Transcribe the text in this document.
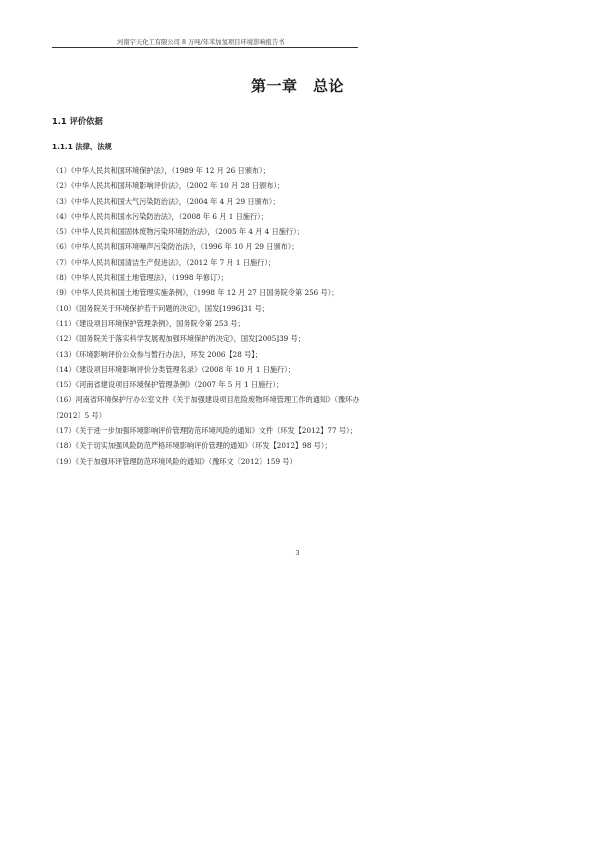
河南宇天化工有限公司 8 万吨/年苯加氢项目环境影响报告书
第一章　总论
1.1 评价依据
1.1.1 法律、法规
（1）《中华人民共和国环境保护法》，（1989 年 12 月 26 日颁布）；
（2）《中华人民共和国环境影响评价法》，（2002 年 10 月 28 日颁布）；
（3）《中华人民共和国大气污染防治法》，（2004 年 4 月 29 日颁布）；
（4）《中华人民共和国水污染防治法》，（2008 年 6 月 1 日施行）；
（5）《中华人民共和国固体废物污染环境防治法》，（2005 年 4 月 4 日施行）；
（6）《中华人民共和国环境噪声污染防治法》，（1996 年 10 月 29 日颁布）；
（7）《中华人民共和国清洁生产促进法》，（2012 年 7 月 1 日施行）；
（8）《中华人民共和国土地管理法》，（1998 年修订）；
（9）《中华人民共和国土地管理实施条例》，（1998 年 12 月 27 日国务院令第 256 号）；
（10）《国务院关于环境保护若干问题的决定》，国发[1996]31 号；
（11）《建设项目环境保护管理条例》，国务院令第 253 号；
（12）《国务院关于落实科学发展观加强环境保护的决定》，国发[2005]39 号；
（13）《环境影响评价公众参与暂行办法》，环发 2006【28 号】；
（14）《建设项目环境影响评价分类管理名录》（2008 年 10 月 1 日施行）；
（15）《河南省建设项目环境保护管理条例》（2007 年 5 月 1 日施行）；
（16）河南省环境保护厅办公室文件《关于加强建设项目危险废物环境管理工作的通知》（豫环办〔2012〕5 号）
（17）《关于进一步加强环境影响评价管理防范环境风险的通知》文件（环发【2012】77 号）；
（18）《关于切实加强风险防范严格环境影响评价管理的通知》（环发【2012】98 号）；
（19）《关于加强环评管理防范环境风险的通知》（豫环文〔2012〕159 号）
3
